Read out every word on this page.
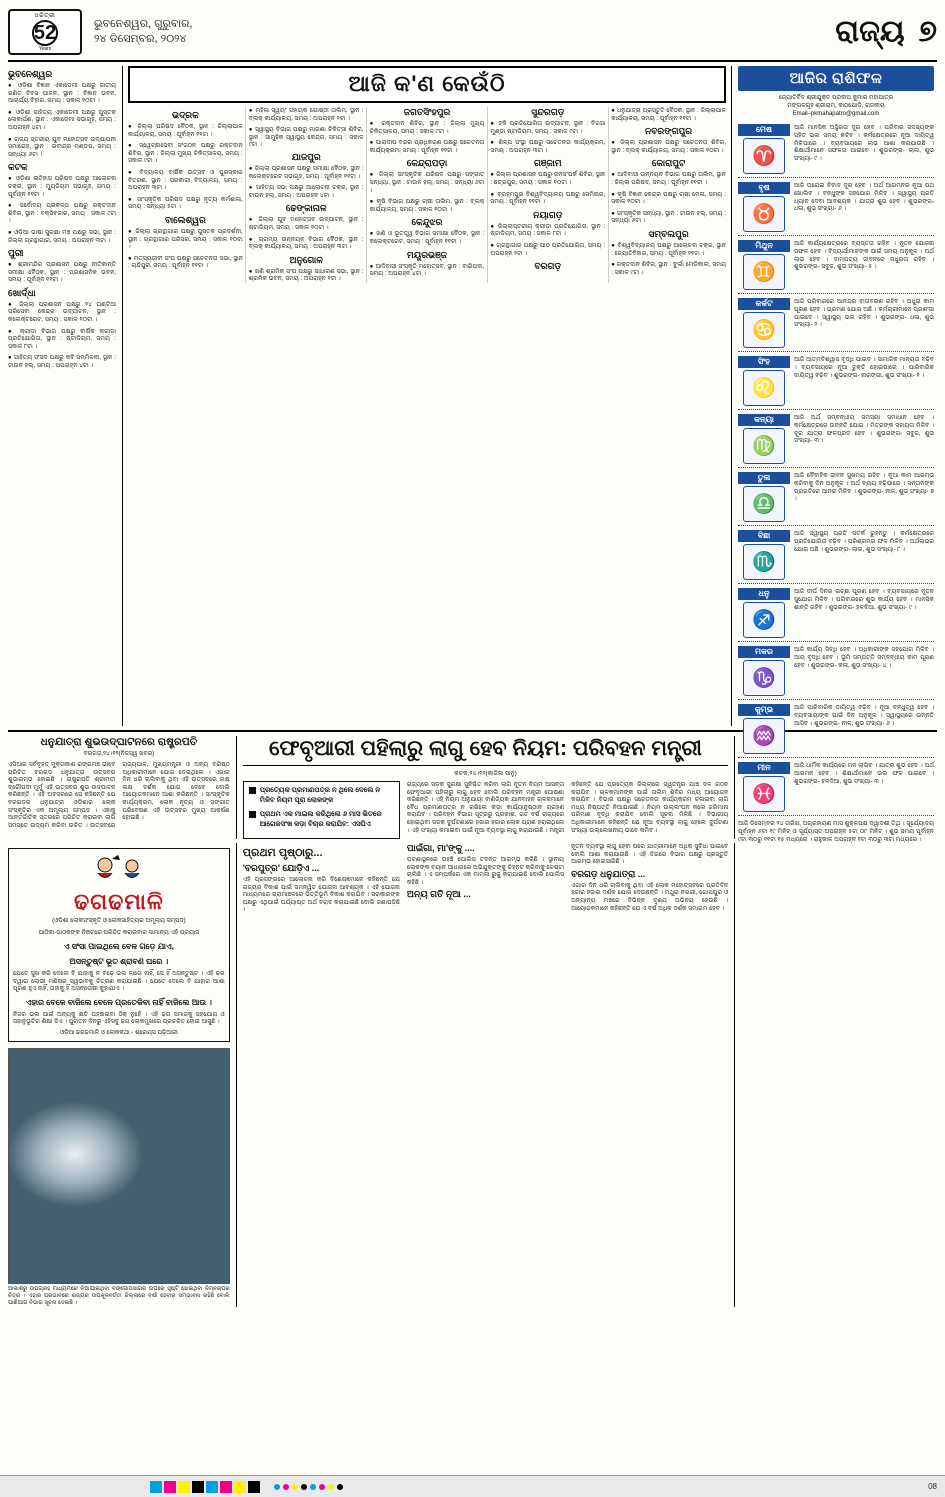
ଧରିତ୍ରୀ
52
Years
ଭୁବନେଶ୍ୱର, ଗୁରୁବାର,
୨୪ ଡିସେମ୍ବର, ୨୦୨୪	ରାଜ୍ୟ ୭
ଭୁବନେଶ୍ୱର

● ଓଡ଼ିଶା ବିଜ୍ଞାନ ଏକାଡେମୀ ପକ୍ଷରୁ ଜାତୀୟ ଗଣିତ ଦିବସ ପାଳନ, ସ୍ଥାନ : ବିଜ୍ଞାନ ଭବନ, ଆଚାର୍ଯ୍ୟ ବିହାର, ସମୟ : ସକାଳ ୧୦ଟା ।

● ଓଡ଼ିଶା ସାହିତ୍ୟ ଏକାଡେମୀ ପକ୍ଷରୁ ପୁସ୍ତକ ଲୋକାର୍ପଣ, ସ୍ଥାନ : ଏକାଡେମୀ ସଭାଗୃହ, ସମୟ : ଅପରାହ୍ନ ୪ଟା ।

● ରାଜ୍ୟ ସ୍ତରୀୟ ଯୁବ ମହୋତ୍ସବ ଉଦ୍‌ଯାପନୀ ସମାରୋହ, ସ୍ଥାନ : ରବୀନ୍ଦ୍ର ମଣ୍ଡପ, ସମୟ : ସନ୍ଧ୍ୟା ୬ଟା ।

କଟକ

● ଓଡ଼ିଶା ଇତିହାସ ପରିଷଦ ପକ୍ଷରୁ ଆଲୋଚନା ଚକ୍ର, ସ୍ଥାନ : ମ୍ୟୁଜିୟମ ସଭାଗୃହ, ସମୟ : ପୂର୍ବାହ୍ନ ୧୧ଟା ।

● ସର୍ବୋଦୟ ପ୍ରକଳ୍ପ ପକ୍ଷରୁ ରକ୍ତଦାନ ଶିବିର, ସ୍ଥାନ : ବକ୍ସିବଜାର, ସମୟ : ସକାଳ ୯ଟା ।

● ଓଡ଼ିଆ ଭାଷା ସୁରକ୍ଷା ମଞ୍ଚ ପକ୍ଷରୁ ସଭା, ସ୍ଥାନ : ଜିଲ୍ଲା ଗ୍ରନ୍ଥାଗାର, ସମୟ : ଅପରାହ୍ନ ୩ଟା ।

ପୁରୀ

● ଶ୍ରୀମନ୍ଦିର ପ୍ରଶାସନ ପକ୍ଷରୁ ନୀତିକାନ୍ତି ସମୀକ୍ଷା ବୈଠକ, ସ୍ଥାନ : ପ୍ରଶାସନିକ ଭବନ, ସମୟ : ପୂର୍ବାହ୍ନ ୧୧ଟା ।

ଖୋର୍ଦ୍ଧା

● ଜିଲ୍ଲା ପ୍ରଶାସନ ପକ୍ଷରୁ ୨୪ ଘଣ୍ଟିଆ ପରିସେବା କେନ୍ଦ୍ର ଉଦ୍‌ଘାଟନ, ସ୍ଥାନ : କଲେକ୍ଟରେଟ, ସମୟ : ସକାଳ ୧୦ଟା ।

● କ୍ରୀଡ଼ା ବିଭାଗ ପକ୍ଷରୁ ବାର୍ଷିକ କ୍ରୀଡ଼ା ପ୍ରତିଯୋଗିତା, ସ୍ଥାନ : ଷ୍ଟାଡିୟମ, ସମୟ : ସକାଳ ୮ଟା ।

● ସାହିତ୍ୟ ସଂସଦ ପକ୍ଷରୁ କବି ସମ୍ମିଳନୀ, ସ୍ଥାନ : ଟାଉନ ହଲ୍, ସମୟ : ଅପରାହ୍ନ ୪ଟା ।

ଆଜି କ'ଣ କେଉଁଠି
ଭଦ୍ରକ

● ଜିଲ୍ଲା ପରିଷଦ ବୈଠକ, ସ୍ଥାନ : ଜିଲ୍ଲାପାଳ କାର୍ଯ୍ୟାଳୟ, ସମୟ : ପୂର୍ବାହ୍ନ ୧୧ଟା ।

● ସ୍ୱେଚ୍ଛାସେବୀ ସଂଗଠନ ପକ୍ଷରୁ ରକ୍ତଦାନ ଶିବିର, ସ୍ଥାନ : ଜିଲ୍ଲା ମୁଖ୍ୟ ଚିକିତ୍ସାଳୟ, ସମୟ : ସକାଳ ୯ଟା ।

● ବିଦ୍ୟାଳୟ ବାର୍ଷିକ ଉତ୍ସବ ଓ ପୁରସ୍କାର ବିତରଣ, ସ୍ଥାନ : ସରକାରୀ ବିଦ୍ୟାଳୟ, ସମୟ : ଅପରାହ୍ନ ୩ଟା ।

● ସାଂସ୍କୃତିକ ପରିଷଦ ପକ୍ଷରୁ ନୃତ୍ୟ କର୍ମଶାଳା, ସମୟ : ସନ୍ଧ୍ୟା ୫ଟା ।

ବାଲେଶ୍ୱର

● ଜିଲ୍ଲା ଗ୍ରନ୍ଥାଗାର ପକ୍ଷରୁ ପୁସ୍ତକ ପ୍ରଦର୍ଶନୀ, ସ୍ଥାନ : ଗ୍ରନ୍ଥାଗାର ପରିସର, ସମୟ : ସକାଳ ୧୦ଟା ।

● ମତ୍ସ୍ୟଜୀବୀ ସଂଘ ପକ୍ଷରୁ ସଚେତନତା ସଭା, ସ୍ଥାନ : ଚାନ୍ଦିପୁର, ସମୟ : ପୂର୍ବାହ୍ନ ୧୧ଟା ।

● ମହିଳା ସ୍ୱୟଂ ସହାୟକ ଗୋଷ୍ଠୀ ତାଲିମ, ସ୍ଥାନ : ବ୍ଲକ୍ କାର୍ଯ୍ୟାଳୟ, ସମୟ : ଅପରାହ୍ନ ୨ଟା ।

● ସ୍ୱାସ୍ଥ୍ୟ ବିଭାଗ ପକ୍ଷରୁ ମାଗଣା ଚିକିତ୍ସା ଶିବିର, ସ୍ଥାନ : ସାମୁହିକ ସ୍ୱାସ୍ଥ୍ୟ କେନ୍ଦ୍ର, ସମୟ : ସକାଳ ୯ଟା ।

ଯାଜପୁର

● ଜିଲ୍ଲା ପ୍ରଶାସନ ପକ୍ଷରୁ ସମୀକ୍ଷା ବୈଠକ, ସ୍ଥାନ : କଲେକ୍ଟରେଟ ସଭାଗୃହ, ସମୟ : ପୂର୍ବାହ୍ନ ୧୧ଟା ।

● ସାହିତ୍ୟ ସଭା ପକ୍ଷରୁ ଆଲୋଚନା ଚକ୍ର, ସ୍ଥାନ : ଟାଉନ ହଲ୍, ସମୟ : ଅପରାହ୍ନ ୪ଟା ।

ଢେଙ୍କାନାଳ

● ଜିଲ୍ଲା ଯୁବ ମହୋତ୍ସବ ଉଦ୍‌ଘାଟନ, ସ୍ଥାନ : ଷ୍ଟାଡିୟମ, ସମୟ : ସକାଳ ୧୦ଟା ।

● ଗ୍ରାମ୍ୟ ଉନ୍ନୟନ ବିଭାଗ ବୈଠକ, ସ୍ଥାନ : ବ୍ଲକ୍ କାର୍ଯ୍ୟାଳୟ, ସମୟ : ଅପରାହ୍ନ ୩ଟା ।

ଅନୁଗୋଳ

● ଖଣି ଶ୍ରମିକ ସଂଘ ପକ୍ଷରୁ ସାଧାରଣ ସଭା, ସ୍ଥାନ : ଶ୍ରମିକ ଭବନ, ସମୟ : ଅପରାହ୍ନ ୧ଟା ।

ଜଗତସିଂହପୁର

● ରକ୍ତଦାନ ଶିବିର, ସ୍ଥାନ : ଜିଲ୍ଲା ମୁଖ୍ୟ ଚିକିତ୍ସାଳୟ, ସମୟ : ସକାଳ ୯ଟା ।

● ପାରାଦୀପ ବନ୍ଦର ପ୍ରାଧିକରଣ ପକ୍ଷରୁ ସଚେତନତା କାର୍ଯ୍ୟକ୍ରମ, ସମୟ : ପୂର୍ବାହ୍ନ ୧୧ଟା ।

କେନ୍ଦ୍ରାପଡ଼ା

● ଜିଲ୍ଲା ସାଂସ୍କୃତିକ ପରିଷଦ ପକ୍ଷରୁ ସଙ୍ଗୀତ ସନ୍ଧ୍ୟା, ସ୍ଥାନ : ଟାଉନ ହଲ୍, ସମୟ : ସନ୍ଧ୍ୟା ୬ଟା ।

● କୃଷି ବିଭାଗ ପକ୍ଷରୁ ଚାଷୀ ତାଲିମ, ସ୍ଥାନ : ବ୍ଲକ୍ କାର୍ଯ୍ୟାଳୟ, ସମୟ : ସକାଳ ୧୦ଟା ।

କେନ୍ଦୁଝର

● ଖଣି ଓ ଭୂତତ୍ତ୍ୱ ବିଭାଗ ସମୀକ୍ଷା ବୈଠକ, ସ୍ଥାନ : କଲେକ୍ଟରେଟ, ସମୟ : ପୂର୍ବାହ୍ନ ୧୧ଟା ।

ମୟୂରଭଞ୍ଜ

● ଆଦିବାସୀ ସଂସ୍କୃତି ମହୋତ୍ସବ, ସ୍ଥାନ : ବାରିପଦା, ସମୟ : ଅପରାହ୍ନ ୪ଟା ।

ସୁନ୍ଦରଗଡ଼

● ହକି ପ୍ରତିଯୋଗିତା ଉଦ୍‌ଘାଟନ, ସ୍ଥାନ : ବିରସା ମୁଣ୍ଡା ଷ୍ଟାଡିୟମ, ସମୟ : ସକାଳ ୯ଟା ।

● ଶିଳ୍ପ ସଂସ୍ଥା ପକ୍ଷରୁ ସଚେତନତା କାର୍ଯ୍ୟକ୍ରମ, ସମୟ : ଅପରାହ୍ନ ୩ଟା ।

ଗଞ୍ଜାମ

● ଜିଲ୍ଲା ପ୍ରଶାସନ ପକ୍ଷରୁ ଜନସଂପର୍କ ଶିବିର, ସ୍ଥାନ : ଛତ୍ରପୁର, ସମୟ : ସକାଳ ୧୦ଟା ।

● ବ୍ରହ୍ମପୁର ବିଶ୍ୱବିଦ୍ୟାଳୟ ପକ୍ଷରୁ ସେମିନାର, ସମୟ : ପୂର୍ବାହ୍ନ ୧୧ଟା ।

ନୟାଗଡ଼

● ଜିଲ୍ଲାସ୍ତରୀୟ କ୍ରୀଡ଼ା ପ୍ରତିଯୋଗିତା, ସ୍ଥାନ : ଷ୍ଟାଡିୟମ, ସମୟ : ସକାଳ ୮ଟା ।

● ଗ୍ରନ୍ଥାଗାର ପକ୍ଷରୁ ପାଠ ପ୍ରତିଯୋଗିତା, ସମୟ : ଅପରାହ୍ନ ୨ଟା ।

ବରଗଡ଼

● ଧନୁଯାତ୍ରା ପ୍ରସ୍ତୁତି ବୈଠକ, ସ୍ଥାନ : ଜିଲ୍ଲାପାଳ କାର୍ଯ୍ୟାଳୟ, ସମୟ : ପୂର୍ବାହ୍ନ ୧୧ଟା ।

ନବରଙ୍ଗପୁର

● ଜିଲ୍ଲା ପ୍ରଶାସନ ପକ୍ଷରୁ ସଚେତନତା ଶିବିର, ସ୍ଥାନ : ବ୍ଲକ୍ କାର୍ଯ୍ୟାଳୟ, ସମୟ : ସକାଳ ୧୦ଟା ।

କୋରାପୁଟ

● ଆଦିବାସୀ ଉନ୍ନୟନ ବିଭାଗ ପକ୍ଷରୁ ତାଲିମ, ସ୍ଥାନ : ଜିଲ୍ଲା ପରିଷଦ, ସମୟ : ପୂର୍ବାହ୍ନ ୧୧ଟା ।

● କୃଷି ବିଜ୍ଞାନ କେନ୍ଦ୍ର ପକ୍ଷରୁ ଚାଷୀ ମେଳା, ସମୟ : ସକାଳ ୧୦ଟା ।

● ସାଂସ୍କୃତିକ ସନ୍ଧ୍ୟା, ସ୍ଥାନ : ଟାଉନ ହଲ୍, ସମୟ : ସନ୍ଧ୍ୟା ୬ଟା ।

ସମ୍ବଲପୁର

● ବିଶ୍ୱବିଦ୍ୟାଳୟ ପକ୍ଷରୁ ଆଲୋଚନା ଚକ୍ର, ସ୍ଥାନ : ଜ୍ୟୋତିବିହାର, ସମୟ : ପୂର୍ବାହ୍ନ ୧୧ଟା ।

● ରକ୍ତଦାନ ଶିବିର, ସ୍ଥାନ : ବୁର୍ଲା ମେଡିକାଲ, ସମୟ : ସକାଳ ୯ଟା ।

ଆଜିର ରାଶିଫଳ
ଜ୍ୟୋତିର୍ବିଦ ଶ୍ରୀଯୁକ୍ତ ପ୍ରଦୀପ କୁମାର ମହାପାତ୍ର
ମଙ୍ଗଳଗୃହ ଶ୍ରୀରାମ, କାଠଯୋଡ଼ି, ରାଜକୀୟ
Email–pkmahapatro@gmail.com
ମେଷ
♈
ଆଜି ମାନସିକ ଅସ୍ଥିରତା ଦୂର ହେବ । ପରିବାର ସଦସ୍ୟଙ୍କ ସହିତ ଭଲ ସମୟ କଟିବ । କର୍ମକ୍ଷେତ୍ରରେ ନୂଆ ଦାୟିତ୍ୱ ମିଳିପାରେ । ବ୍ୟବସାୟରେ ଲାଭ ଆଶା କରାଯାଉଛି । ଶିକ୍ଷାର୍ଥୀମାନେ ସଫଳତା ପାଇବେ । ଶୁଭରଙ୍ଗ- ଲାଲ, ଶୁଭ ସଂଖ୍ୟା- ୯ ।
ବୃଷ
♉
ଆଜି ଘରୋଇ ବିବାଦ ଦୂର ହେବ । ଅର୍ଥ ଆଗମନର ନୂଆ ପଥ ଖୋଲିବ । ବନ୍ଧୁଙ୍କ ସହଯୋଗ ମିଳିବ । ସ୍ୱାସ୍ଥ୍ୟ ପ୍ରତି ଧ୍ୟାନ ଦେବା ଆବଶ୍ୟକ । ଯାତ୍ରା ଶୁଭ ହେବ । ଶୁଭରଙ୍ଗ- ଧଳା, ଶୁଭ ସଂଖ୍ୟା- ୬ ।
ମିଥୁନ
♊
ଆଜି କାର୍ଯ୍ୟକ୍ଷେତ୍ରରେ ବ୍ୟସ୍ତତା ରହିବ । ନୂତନ ଯୋଜନା ସଫଳ ହେବ । ବିଦ୍ୟାର୍ଥୀମାନଙ୍କ ପାଇଁ ସମୟ ଅନୁକୂଳ । ଅର୍ଥ ଲାଭ ହେବ । ଦାମ୍ପତ୍ୟ ଜୀବନରେ ମଧୁରତା ରହିବ । ଶୁଭରଙ୍ଗ- ସବୁଜ, ଶୁଭ ସଂଖ୍ୟା- ୫ ।
କର୍କଟ
♋
ଆଜି ପରିବାରରେ ଆନନ୍ଦର ବାତାବରଣ ରହିବ । ଅଧୁରା କାମ ପୂରଣ ହେବ । ଭ୍ରମଣ ଯୋଗ ଅଛି । କର୍ମଚାରୀମାନେ ପ୍ରଶଂସା ପାଇବେ । ସ୍ୱାସ୍ଥ୍ୟ ଭଲ ରହିବ । ଶୁଭରଙ୍ଗ- ଧଳା, ଶୁଭ ସଂଖ୍ୟା- ୨ ।
ସିଂହ
♌
ଆଜି ଆତ୍ମବିଶ୍ୱାସ ବୃଦ୍ଧି ପାଇବ । ସାମାଜିକ ମାନ୍ୟତା ବଢ଼ିବ । ବ୍ୟବସାୟରେ ନୂଆ ଚୁକ୍ତି ହୋଇପାରେ । ପାରିବାରିକ ଦାୟିତ୍ୱ ବଢ଼ିବ । ଶୁଭରଙ୍ଗ- ନାରଙ୍ଗୀ, ଶୁଭ ସଂଖ୍ୟା- ୧ ।
କନ୍ୟା
♍
ଆଜି ଅର୍ଥ ସମ୍ବନ୍ଧୀୟ ସମସ୍ୟା ସମାଧାନ ହେବ । କର୍ମକ୍ଷେତ୍ରରେ ଉନ୍ନତି ଯୋଗ । ମିତ୍ରଙ୍କ ସହାୟତା ମିଳିବ । ଦୂର ଯାତ୍ରା ଫଳପ୍ରଦ ହେବ । ଶୁଭରଙ୍ଗ- ସବୁଜ, ଶୁଭ ସଂଖ୍ୟା- ୩ ।
ତୁଳା
♎
ଆଜି ବୈବାହିକ ଜୀବନ ସୁଖମୟ ରହିବ । ନୂଆ କାମ ଆରମ୍ଭ କରିବାକୁ ଦିନ ଅନୁକୂଳ । ଅର୍ଥ ବ୍ୟୟ ବଢ଼ିପାରେ । ସନ୍ତାନଙ୍କ ପ୍ରଗତିରେ ଆନନ୍ଦ ମିଳିବ । ଶୁଭରଙ୍ଗ- ନୀଳ, ଶୁଭ ସଂଖ୍ୟା- ୭ ।
ବିଛା
♏
ଆଜି ସ୍ୱାସ୍ଥ୍ୟ ପ୍ରତି ସତର୍କ ରୁହନ୍ତୁ । କର୍ମକ୍ଷେତ୍ରରେ ପ୍ରତିଯୋଗିତା ବଢ଼ିବ । ପରିଶ୍ରମର ଫଳ ମିଳିବ । ଅର୍ଥଲାଭର ଯୋଗ ଅଛି । ଶୁଭରଙ୍ଗ- ଲାଲ, ଶୁଭ ସଂଖ୍ୟା- ୮ ।
ଧନୁ
♐
ଆଜି ଦୀର୍ଘ ଦିନର ଇଚ୍ଛା ପୂରଣ ହେବ । ବ୍ୟବସାୟରେ ନୂତନ ସୁଯୋଗ ମିଳିବ । ପରିବାରରେ ଶୁଭ କାର୍ଯ୍ୟ ହେବ । ମାନସିକ ଶାନ୍ତି ରହିବ । ଶୁଭରଙ୍ଗ- ହଳଦିଆ, ଶୁଭ ସଂଖ୍ୟା- ୯ ।
ମକର
♑
ଆଜି କାର୍ଯ୍ୟ ସିଦ୍ଧି ହେବ । ଅଧିକାରୀଙ୍କ ସହଯୋଗ ମିଳିବ । ଆୟ ବୃଦ୍ଧି ହେବ । ଭୂମି ସମ୍ପତ୍ତି ସମ୍ବନ୍ଧୀୟ କାମ ପୂରଣ ହେବ । ଶୁଭରଙ୍ଗ- କଳା, ଶୁଭ ସଂଖ୍ୟା- ୪ ।
କୁମ୍ଭ
♒
ଆଜି ପାରିବାରିକ ଦାୟିତ୍ୱ ବଢ଼ିବ । ନୂଆ ବନ୍ଧୁତ୍ୱ ହେବ । ବ୍ୟବସାୟୀଙ୍କ ପାଇଁ ଦିନ ଅନୁକୂଳ । ସ୍ୱାସ୍ଥ୍ୟରେ ଉନ୍ନତି ଆସିବ । ଶୁଭରଙ୍ଗ- ନୀଳ, ଶୁଭ ସଂଖ୍ୟା- ୬ ।
ମୀନ
♓
ଆଜି ଧାର୍ମିକ କାର୍ଯ୍ୟରେ ମନ ଲାଗିବ । ଯାତ୍ରା ଶୁଭ ହେବ । ଅର୍ଥ ଆଗମନ ହେବ । ଶିକ୍ଷାର୍ଥୀମାନେ ଭଲ ଫଳ ପାଇବେ । ଶୁଭରଙ୍ଗ- ହଳଦିଆ, ଶୁଭ ସଂଖ୍ୟା- ୩ ।
ଆଜି ଡିସେମ୍ବର ୨୪ ତାରିଖ, ଅଗ୍ରହାୟଣ ମାସ ଶୁକ୍ଳପକ୍ଷ ଦ୍ୱାଦଶୀ ତିଥି । ସୂର୍ଯ୍ୟୋଦୟ ପୂର୍ବାହ୍ନ ୬ଟା ୧୯ ମିନିଟ୍ ଓ ସୂର୍ଯ୍ୟାସ୍ତ ଅପରାହ୍ନ ୫ଟା ୦୮ ମିନିଟ୍ । ଶୁଭ ସମୟ ପୂର୍ବାହ୍ନ ୯ଟା ୩୦ରୁ ୧୧ଟା ୧୫ ମଧ୍ୟରେ । ରାହୁକାଳ ଅପରାହ୍ନ ୧ଟା ୩୦ରୁ ୩ଟା ମଧ୍ୟରେ ।
ଧନୁଯାତ୍ରା ଶୁଭଉଦ୍‌ଘାଟନରେ ରାଷ୍ଟ୍ରପତି
ବରଗଡ଼,୨୪।୧୨(ନିଜସ୍ୱ ଖବର)
ଏସିଆର ସର୍ବବୃହତ୍ ମୁକ୍ତାକାଶ ରଙ୍ଗମଞ୍ଚ ଭାବେ ପରିଚିତ ବରଗଡ଼ ଧନୁଯାତ୍ରା ଉତ୍ସବର ଶୁଭାରମ୍ଭ ହୋଇଛି । ରାଷ୍ଟ୍ରପତି ଶ୍ରୀମତୀ ଦ୍ରୌପଦୀ ମୁର୍ମୁ ଏହି ଉତ୍ସବର ଶୁଭ ଉଦ୍‌ଘାଟନ କରିଛନ୍ତି । ଏହି ଅବସରରେ ସେ କହିଛନ୍ତି ଯେ ବରଗଡ଼ର ଧନୁଯାତ୍ରା ଓଡ଼ିଶାର ଲୋକ ସଂସ୍କୃତିର ଏକ ଅମୂଲ୍ୟ ସମ୍ପଦ । ଏହାକୁ ଆନ୍ତର୍ଜାତିକ ସ୍ତରରେ ପରିଚିତ କରାଇବା ଲାଗି ସମସ୍ତେ ଉଦ୍ୟମ କରିବା ଉଚିତ । ଉତ୍ସବରେ ରାଜ୍ୟପାଳ, ମୁଖ୍ୟମନ୍ତ୍ରୀ ଓ ଅନ୍ୟ ବରିଷ୍ଠ ଅଧିକାରୀମାନେ ଯୋଗ ଦେଇଥିଲେ । ଏଗାର ଦିନ ଧରି ଚାଲିବାକୁ ଥିବା ଏହି ଉତ୍ସବରେ ଲକ୍ଷ ଲକ୍ଷ ଦର୍ଶକ ଯୋଗ ଦେବେ ବୋଲି ଆୟୋଜକମାନେ ଆଶା କରିଛନ୍ତି । ସାଂସ୍କୃତିକ କାର୍ଯ୍ୟକ୍ରମ, ଲୋକ ନୃତ୍ୟ ଓ ସଙ୍ଗୀତ ପରିବେଷଣ ଏହି ଉତ୍ସବର ମୁଖ୍ୟ ଆକର୍ଷଣ ହୋଇଛି ।
ଫେବୃଆରୀ ପହିଲାରୁ ଲାଗୁ ହେବ ନିୟମ: ପରିବହନ ମନ୍ତ୍ରୀ
କଟକ,୨୪।୧୨(କାଜିଲ ସାନୁ)
ପ୍ରତ୍ୟେକ ପ୍ରମାଣପତ୍ର ନ ଥିଲେ ଦେଲେ ନ ମିଳିବ ନିୟମ ପୂରା ଲୋକଙ୍କ
ପ୍ରଥମ ଏକ ମାଇଲ କରିଥିଲେ ୬ ମାସ ଭିତରେ ଆଗେକସଂଖ କଡ଼ା ବିଚାର କରାଯିବ: ଏସପିଏ
ରାଜ୍ୟରେ ସଡ଼କ ସୁରକ୍ଷା ସୁନିଶ୍ଚିତ କରିବା ଲାଗି ନୂତନ ନିୟମ ଆସନ୍ତା ଫେବୃଆରୀ ପହିଲାରୁ ଲାଗୁ ହେବ ବୋଲି ପରିବହନ ମନ୍ତ୍ରୀ ଘୋଷଣା କରିଛନ୍ତି । ଏହି ନିୟମ ଅନୁଯାୟୀ ବାଣିଜ୍ୟିକ ଯାନବାହନ ଚାଳକମାନେ ବୈଧ ପ୍ରମାଣପତ୍ର ନ ରଖିଲେ କଡ଼ା କାର୍ଯ୍ୟାନୁଷ୍ଠାନ ଗ୍ରହଣ କରାଯିବ । ପରିବହନ ବିଭାଗ ସୂତ୍ରରୁ ପ୍ରକାଶ, ଗତ ବର୍ଷ ରାଜ୍ୟରେ ହୋଇଥିବା ସଡ଼କ ଦୁର୍ଘଟଣାରେ ହଜାର ହଜାର ଲୋକ ପ୍ରାଣ ହରାଇଥିଲେ । ଏହି ସଂଖ୍ୟା କମାଇବା ପାଇଁ ନୂଆ ବ୍ୟବସ୍ଥା ଲାଗୁ କରାଯାଉଛି । ମନ୍ତ୍ରୀ କହିଛନ୍ତି ଯେ ପ୍ରତ୍ୟେକ ଜିଲ୍ଲାରେ ସ୍ୱତନ୍ତ୍ର ଯାଞ୍ଚ ଦଳ ଗଠନ କରାଯିବ । ଚାଳକମାନଙ୍କ ପାଇଁ ତାଲିମ ଶିବିର ମଧ୍ୟ ଆୟୋଜନ କରାଯିବ । ବିଭାଗ ପକ୍ଷରୁ ସଚେତନତା କାର୍ଯ୍ୟକ୍ରମ ଚଳାଇବା ଲାଗି ମଧ୍ୟ ନିଷ୍ପତ୍ତି ନିଆଯାଇଛି । ନିୟମ ଉଲ୍ଲଂଘନ କଲେ ଜରିମାନା ପରିମାଣ ବୃଦ୍ଧି କରାଯିବ ବୋଲି ସୂଚନା ମିଳିଛି । ବିଭାଗୀୟ ଅଧିକାରୀମାନେ କହିଛନ୍ତି ଯେ ନୂଆ ବ୍ୟବସ୍ଥା ଲାଗୁ ହେଲେ ଦୁର୍ଘଟଣା ସଂଖ୍ୟା ଉଲ୍ଲେଖନୀୟ ଭାବେ କମିବ ।
ଢଗଢମାଳି
(ଓଡ଼ିଶା ଲୋକସଂସ୍କୃତି ଓ ଲୋକସାହିତ୍ୟର ଅମୂଲ୍ୟ ସମ୍ପଦ)
ପାଠିକା-ପାଠକଙ୍କ ନିକଟରେ ପରିଚିତ କରାଇବାର ସାମାନ୍ୟ ଏହି ପ୍ରୟାସ
ଏ ସଂସା ପାଇଥିଲେ ବେଳ ଗଡ଼େ ଯାଏ,
ଅସନ୍ତୁଷ୍ଟ ଭୂତ ଶ୍ରାବଣ ଘରେ ।
ଯେତେ ସୁଖ କରି ଦେଲେ ବି ଯାହାକୁ ନ ବଢ଼େ ଭଲ ଲାଗେ ନାହିଁ, ସେ ହିଁ ଅସନ୍ତୁଷ୍ଟ । ଏହି ଢଗ ଦ୍ୱାରା ଲୋଭୀ ମଣିଷର ସ୍ୱଭାବକୁ ଚିତ୍ରଣ କରାଯାଇଛି । ଯେତେ ଦେଲେ ବି ଯାହାର ଆଶା ପୂରଣ ହୁଏ ନାହିଁ, ତାହାକୁ ହିଁ ଅସନ୍ତୋଷୀ କୁହାଯାଏ ।
ଏହାର ବେଳେ ବାଜିଲେ ବେଳେ ପ୍ରତେକିବା ନାହିଁ ବାଜିଲେ ଆଉ ।
ନିଜର ଭଲ ପାଇଁ ଅନ୍ୟକୁ କ୍ଷତି ପହଞ୍ଚାଇବା ଠିକ୍ ନୁହେଁ । ଏହି ଢଗ ସମାଜକୁ ସହଯୋଗ ଓ ସହାନୁଭୂତିର ଶିକ୍ଷା ଦିଏ । ପୁରାତନ ଦିନରୁ ଏହିସବୁ ଢଗ ଲୋକମୁଖରେ ପ୍ରଚଳିତ ହୋଇ ଆସୁଛି ।
ଓଡ଼ିଆ ଢଗଢମାଳି ଓ ଲୋକକଥା - ଶ୍ରେୟସ ପଢ଼ିଆରୀ
ଆକାଶରୁ ଉପଗ୍ରହ ମାଧ୍ୟମରେ ନିଆଯାଇଥିବା ବଙ୍ଗୋପସାଗର ଉପରେ ସୃଷ୍ଟି ହୋଇଥିବା ନିମ୍ନଚାପର ଚିତ୍ର । ଏହାର ପ୍ରଭାବରେ ରାଜ୍ୟର ଉପକୂଳବର୍ତ୍ତୀ ଜିଲ୍ଲାରେ ବର୍ଷା ହେବାର ସମ୍ଭାବନା ରହିଛି ବୋଲି ପାଣିପାଗ ବିଭାଗ ସୂଚନା ଦେଇଛି ।
ପ୍ରଥମ ପୃଷ୍ଠାରୁ...
'ବରପୁତ୍ର' ଯୋଡ଼ିଏ ...
ଏହି ପ୍ରସଙ୍ଗରେ ଆଲୋଚନା କରି ବିଶେଷଜ୍ଞମାନେ କହିଛନ୍ତି ଯେ ରାଜ୍ୟର ବିକାଶ ପାଇଁ ସମନ୍ୱିତ ଯୋଜନା ଆବଶ୍ୟକ । ଏହି ଯୋଜନା ମାଧ୍ୟମରେ ଗ୍ରାମାଞ୍ଚଳରେ ଭିତ୍ତିଭୂମି ବିକାଶ କରାଯିବ । ସରକାରଙ୍କ ପକ୍ଷରୁ ଏଥିପାଇଁ ପର୍ଯ୍ୟାପ୍ତ ଅର୍ଥ ବରାଦ କରାଯାଇଛି ବୋଲି ଜଣାପଡ଼ିଛି ।
ପାଇଁଗା, ମା'ଙ୍କୁ ....
ଘଟଣାସ୍ଥଳରେ ପହଞ୍ଚି ପୋଲିସ ତଦନ୍ତ ଆରମ୍ଭ କରିଛି । ସ୍ଥାନୀୟ ଲୋକଙ୍କ ବୟାନ ଆଧାରରେ ଅଭିଯୁକ୍ତଙ୍କୁ ଚିହ୍ନଟ କରିବାକୁ ଚେଷ୍ଟା ଚାଲିଛି । ଏ ସମ୍ପର୍କରେ ଏକ ମାମଲା ରୁଜୁ କରାଯାଇଛି ବୋଲି ପୋଲିସ କହିଛି ।
ଅନ୍ୟ ଗତି ନୂଆ ...
ନୂତନ ବ୍ୟବସ୍ଥା ଲାଗୁ ହେବା ପରେ ଯାତ୍ରୀମାନେ ଅଧିକ ସୁବିଧା ପାଇବେ ବୋଲି ଆଶା କରାଯାଉଛି । ଏହି ଦିଗରେ ବିଭାଗ ପକ୍ଷରୁ ପ୍ରସ୍ତୁତି ଆରମ୍ଭ ହୋଇସାରିଛି ।
ବରଗଡ଼ ଧନୁଯାତ୍ରା ...
ଏଗାର ଦିନ ଧରି ଚାଲିବାକୁ ଥିବା ଏହି ଲୋକ ମହୋତ୍ସବରେ ପ୍ରତିଦିନ ହଜାର ହଜାର ଦର୍ଶକ ଯୋଗ ଦେଉଛନ୍ତି । ମଥୁରା ନଗରୀ, ଗୋପପୁର ଓ ଅନ୍ୟାନ୍ୟ ମଞ୍ଚରେ ବିଭିନ୍ନ ଦୃଶ୍ୟ ଅଭିନୟ ହେଉଛି । ଆୟୋଜକମାନେ କହିଛନ୍ତି ଯେ ଏ ବର୍ଷ ଅଧିକ ଦର୍ଶକ ସମାଗମ ହେବ ।
08
